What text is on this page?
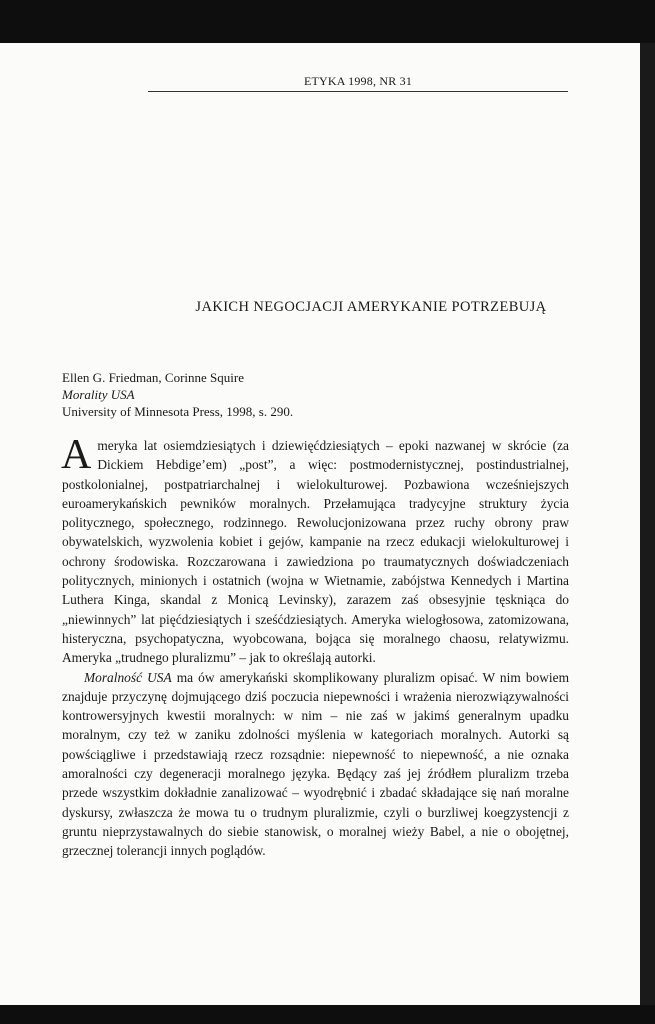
ETYKA 1998, NR 31
JAKICH NEGOCJACJI AMERYKANIE POTRZEBUJĄ
Ellen G. Friedman, Corinne Squire
Morality USA
University of Minnesota Press, 1998, s. 290.

Ameryka lat osiemdziesiątych i dziewięćdziesiątych – epoki nazwanej w skrócie (za Dickiem Hebdige’em) „post”, a więc: postmodernistycznej, postindustrialnej, postkolonialnej, postpatriarchalnej i wielokulturowej. Pozbawiona wcześniejszych euroamerykańskich pewników moralnych. Przełamująca tradycyjne struktury życia politycznego, społecznego, rodzinnego. Rewolucjonizowana przez ruchy obrony praw obywatelskich, wyzwolenia kobiet i gejów, kampanie na rzecz edukacji wielokulturowej i ochrony środowiska. Rozczarowana i zawiedziona po traumatycznych doświadczeniach politycznych, minionych i ostatnich (wojna w Wietnamie, zabójstwa Kennedych i Martina Luthera Kinga, skandal z Monicą Levinsky), zarazem zaś obsesyjnie tęskniąca do „niewinnych” lat pięćdziesiątych i sześćdziesiątych. Ameryka wielogłosowa, zatomizowana, histeryczna, psychopatyczna, wyobcowana, bojąca się moralnego chaosu, relatywizmu. Ameryka „trudnego pluralizmu” – jak to określają autorki.

Moralność USA ma ów amerykański skomplikowany pluralizm opisać. W nim bowiem znajduje przyczynę dojmującego dziś poczucia niepewności i wrażenia nierozwiązywalności kontrowersyjnych kwestii moralnych: w nim – nie zaś w jakimś generalnym upadku moralnym, czy też w zaniku zdolności myślenia w kategoriach moralnych. Autorki są powściągliwe i przedstawiają rzecz rozsądnie: niepewność to niepewność, a nie oznaka amoralności czy degeneracji moralnego języka. Będący zaś jej źródłem pluralizm trzeba przede wszystkim dokładnie zanalizować – wyodrębnić i zbadać składające się nań moralne dyskursy, zwłaszcza że mowa tu o trudnym pluralizmie, czyli o burzliwej koegzystencji z gruntu nieprzystawalnych do siebie stanowisk, o moralnej wieży Babel, a nie o obojętnej, grzecznej tolerancji innych poglądów.
